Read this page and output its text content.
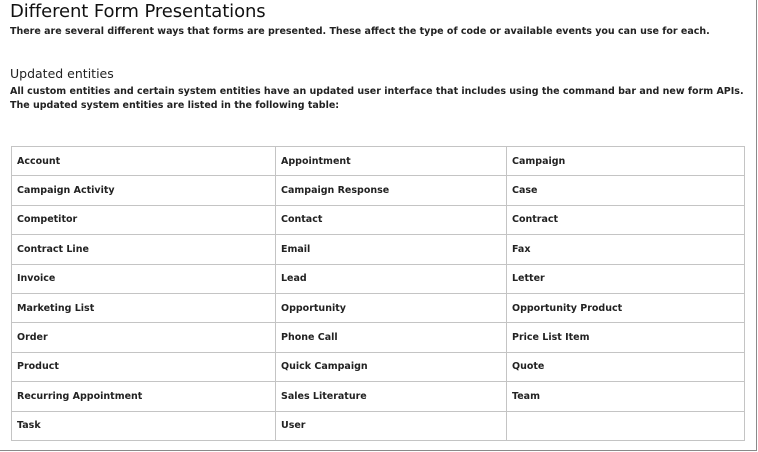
Different Form Presentations

There are several different ways that forms are presented. These affect the type of code or available events you can use for each.

Updated entities

All custom entities and certain system entities have an updated user interface that includes using the command bar and new form APIs. The updated system entities are listed in the following table:

Account	Appointment	Campaign
Campaign Activity	Campaign Response	Case
Competitor	Contact	Contract
Contract Line	Email	Fax
Invoice	Lead	Letter
Marketing List	Opportunity	Opportunity Product
Order	Phone Call	Price List Item
Product	Quick Campaign	Quote
Recurring Appointment	Sales Literature	Team
Task	User	
